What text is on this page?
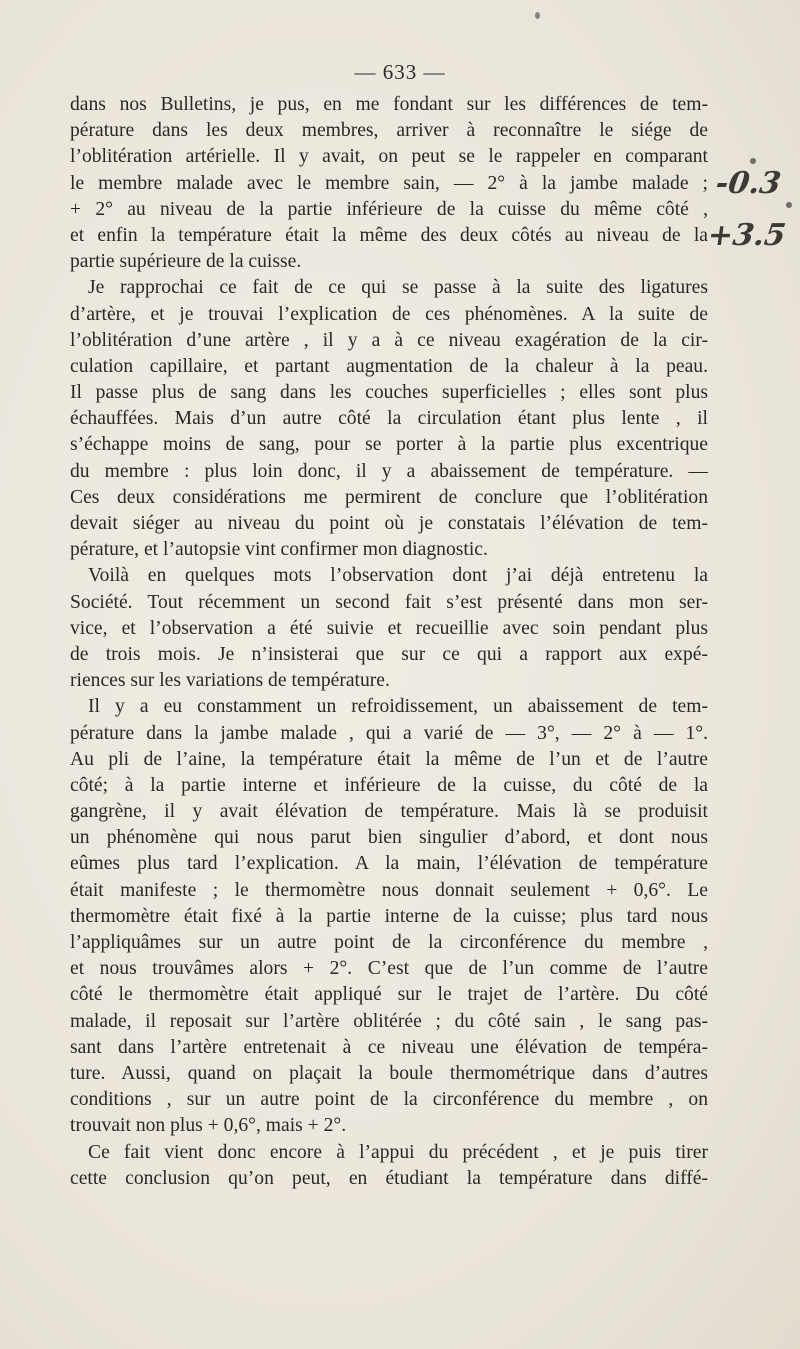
— 633 —
dans nos Bulletins, je pus, en me fondant sur les différences de tem-
pérature dans les deux membres, arriver à reconnaître le siége de
l’oblitération artérielle. Il y avait, on peut se le rappeler en comparant
le membre malade avec le membre sain, — 2° à la jambe malade ;
+ 2° au niveau de la partie inférieure de la cuisse du même côté ,
et enfin la température était la même des deux côtés au niveau de la
partie supérieure de la cuisse.
Je rapprochai ce fait de ce qui se passe à la suite des ligatures
d’artère, et je trouvai l’explication de ces phénomènes. A la suite de
l’oblitération d’une artère , il y a à ce niveau exagération de la cir-
culation capillaire, et partant augmentation de la chaleur à la peau.
Il passe plus de sang dans les couches superficielles ; elles sont plus
échauffées. Mais d’un autre côté la circulation étant plus lente , il
s’échappe moins de sang, pour se porter à la partie plus excentrique
du membre : plus loin donc, il y a abaissement de température. —
Ces deux considérations me permirent de conclure que l’oblitération
devait siéger au niveau du point où je constatais l’élévation de tem-
pérature, et l’autopsie vint confirmer mon diagnostic.
Voilà en quelques mots l’observation dont j’ai déjà entretenu la
Société. Tout récemment un second fait s’est présenté dans mon ser-
vice, et l’observation a été suivie et recueillie avec soin pendant plus
de trois mois. Je n’insisterai que sur ce qui a rapport aux expé-
riences sur les variations de température.
Il y a eu constamment un refroidissement, un abaissement de tem-
pérature dans la jambe malade , qui a varié de — 3°, — 2° à — 1°.
Au pli de l’aine, la température était la même de l’un et de l’autre
côté; à la partie interne et inférieure de la cuisse, du côté de la
gangrène, il y avait élévation de température. Mais là se produisit
un phénomène qui nous parut bien singulier d’abord, et dont nous
eûmes plus tard l’explication. A la main, l’élévation de température
était manifeste ; le thermomètre nous donnait seulement + 0,6°. Le
thermomètre était fixé à la partie interne de la cuisse; plus tard nous
l’appliquâmes sur un autre point de la circonférence du membre ,
et nous trouvâmes alors + 2°. C’est que de l’un comme de l’autre
côté le thermomètre était appliqué sur le trajet de l’artère. Du côté
malade, il reposait sur l’artère oblitérée ; du côté sain , le sang pas-
sant dans l’artère entretenait à ce niveau une élévation de tempéra-
ture. Aussi, quand on plaçait la boule thermométrique dans d’autres
conditions , sur un autre point de la circonférence du membre , on
trouvait non plus + 0,6°, mais + 2°.
Ce fait vient donc encore à l’appui du précédent , et je puis tirer
cette conclusion qu’on peut, en étudiant la température dans diffé-
-0.3
+3.5
